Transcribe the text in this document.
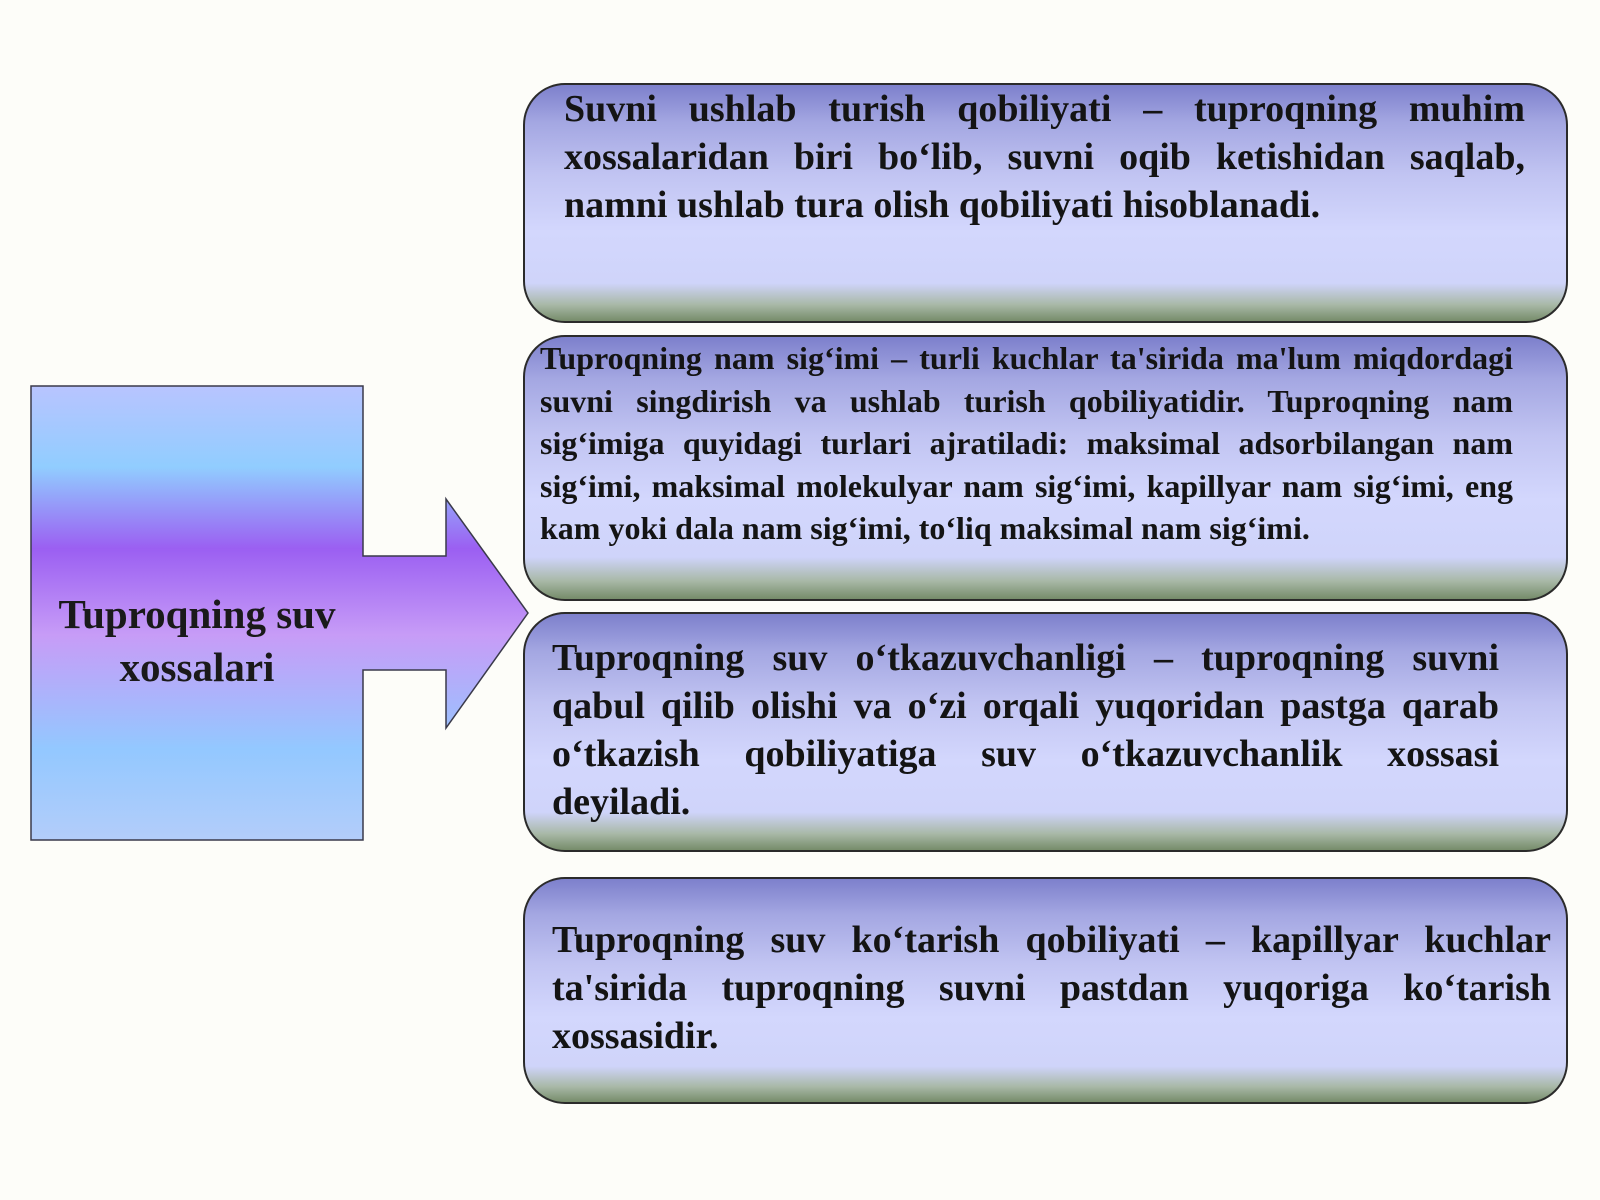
Tuproqning suv xossalari

Suvni ushlab turish qobiliyati – tuproqning muhim xossalaridan biri bo‘lib, suvni oqib ketishidan saqlab, namni ushlab tura olish qobiliyati hisoblanadi.

Tuproqning nam sig‘imi – turli kuchlar ta'sirida ma'lum miqdordagi suvni singdirish va ushlab turish qobiliyatidir. Tuproqning nam sig‘imiga quyidagi turlari ajratiladi: maksimal adsorbilangan nam sig‘imi, maksimal molekulyar nam sig‘imi, kapillyar nam sig‘imi, eng kam yoki dala nam sig‘imi, to‘liq maksimal nam sig‘imi.

Tuproqning suv o‘tkazuvchanligi – tuproqning suvni qabul qilib olishi va o‘zi orqali yuqoridan pastga qarab o‘tkazish qobiliyatiga suv o‘tkazuvchanlik xossasi deyiladi.

Tuproqning suv ko‘tarish qobiliyati – kapillyar kuchlar ta'sirida tuproqning suvni pastdan yuqoriga ko‘tarish xossasidir.
